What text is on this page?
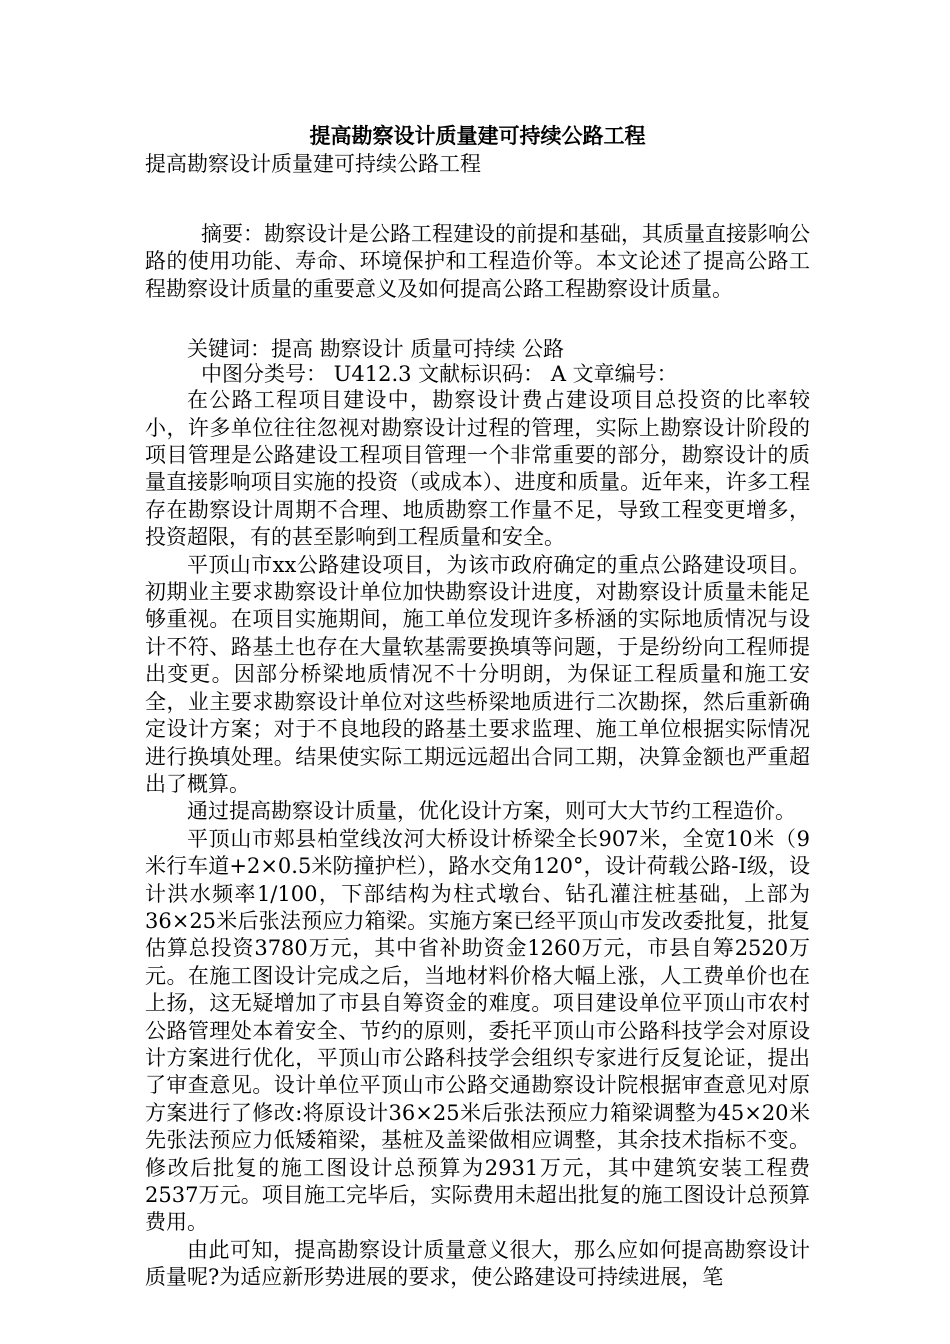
提高勘察设计质量建可持续公路工程

提高勘察设计质量建可持续公路工程

摘要：勘察设计是公路工程建设的前提和基础，其质量直接影响公路的使用功能、寿命、环境保护和工程造价等。本文论述了提高公路工程勘察设计质量的重要意义及如何提高公路工程勘察设计质量。

关键词：提高 勘察设计 质量可持续 公路

中图分类号： U412.3 文献标识码： A 文章编号：

在公路工程项目建设中，勘察设计费占建设项目总投资的比率较小，许多单位往往忽视对勘察设计过程的管理，实际上勘察设计阶段的项目管理是公路建设工程项目管理一个非常重要的部分，勘察设计的质量直接影响项目实施的投资（或成本）、进度和质量。近年来，许多工程存在勘察设计周期不合理、地质勘察工作量不足，导致工程变更增多，投资超限，有的甚至影响到工程质量和安全。

平顶山市xx公路建设项目，为该市政府确定的重点公路建设项目。初期业主要求勘察设计单位加快勘察设计进度，对勘察设计质量未能足够重视。在项目实施期间，施工单位发现许多桥涵的实际地质情况与设计不符、路基土也存在大量软基需要换填等问题，于是纷纷向工程师提出变更。因部分桥梁地质情况不十分明朗，为保证工程质量和施工安全，业主要求勘察设计单位对这些桥梁地质进行二次勘探，然后重新确定设计方案；对于不良地段的路基土要求监理、施工单位根据实际情况进行换填处理。结果使实际工期远远超出合同工期，决算金额也严重超出了概算。

通过提高勘察设计质量，优化设计方案，则可大大节约工程造价。

平顶山市郏县柏堂线汝河大桥设计桥梁全长907米，全宽10米（9米行车道+2×0.5米防撞护栏），路水交角120°，设计荷载公路-Ⅰ级，设计洪水频率1/100，下部结构为柱式墩台、钻孔灌注桩基础，上部为36×25米后张法预应力箱梁。实施方案已经平顶山市发改委批复，批复估算总投资3780万元，其中省补助资金1260万元，市县自筹2520万元。在施工图设计完成之后，当地材料价格大幅上涨，人工费单价也在上扬，这无疑增加了市县自筹资金的难度。项目建设单位平顶山市农村公路管理处本着安全、节约的原则，委托平顶山市公路科技学会对原设计方案进行优化，平顶山市公路科技学会组织专家进行反复论证，提出了审查意见。设计单位平顶山市公路交通勘察设计院根据审查意见对原方案进行了修改:将原设计36×25米后张法预应力箱梁调整为45×20米先张法预应力低矮箱梁，基桩及盖梁做相应调整，其余技术指标不变。修改后批复的施工图设计总预算为2931万元，其中建筑安装工程费2537万元。项目施工完毕后，实际费用未超出批复的施工图设计总预算费用。

由此可知，提高勘察设计质量意义很大，那么应如何提高勘察设计质量呢?为适应新形势进展的要求，使公路建设可持续进展，笔
